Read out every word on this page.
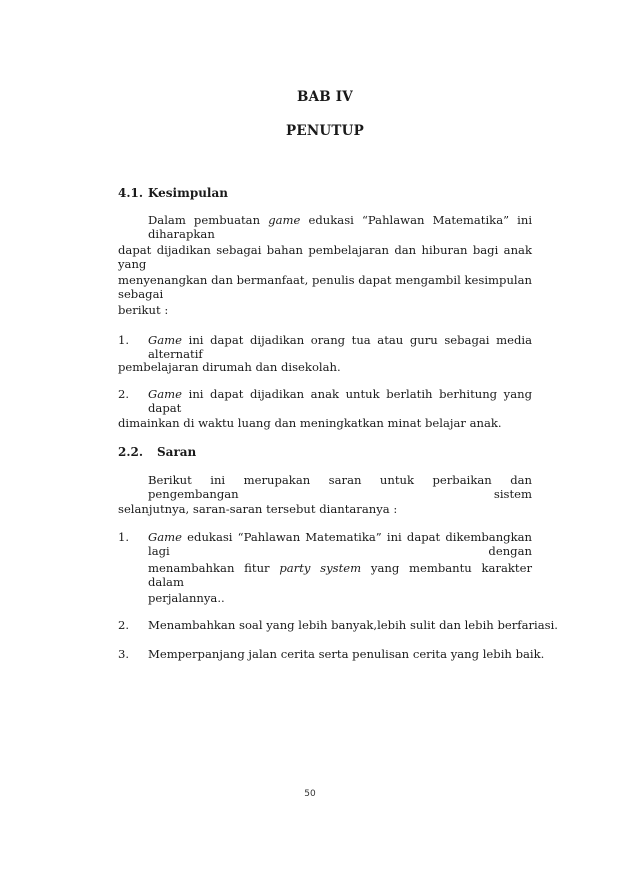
BAB IV
PENUTUP
4.1. Kesimpulan
Dalam pembuatan game edukasi “Pahlawan Matematika” ini diharapkan
dapat dijadikan sebagai bahan pembelajaran dan hiburan bagi anak yang
menyenangkan dan bermanfaat, penulis dapat mengambil kesimpulan sebagai
berikut :
1. Game ini dapat dijadikan orang tua atau guru sebagai media alternatif
pembelajaran dirumah dan disekolah.
2. Game ini dapat dijadikan anak untuk berlatih berhitung yang dapat
dimainkan di waktu luang dan meningkatkan minat belajar anak.
2.2. Saran
Berikut ini merupakan saran untuk perbaikan dan pengembangan sistem
selanjutnya, saran-saran tersebut diantaranya :
1. Game edukasi “Pahlawan Matematika” ini dapat dikembangkan lagi dengan
menambahkan fitur party system yang membantu karakter dalam
perjalannya..
2. Menambahkan soal yang lebih banyak,lebih sulit dan lebih berfariasi.
3. Memperpanjang jalan cerita serta penulisan cerita yang lebih baik.
50
